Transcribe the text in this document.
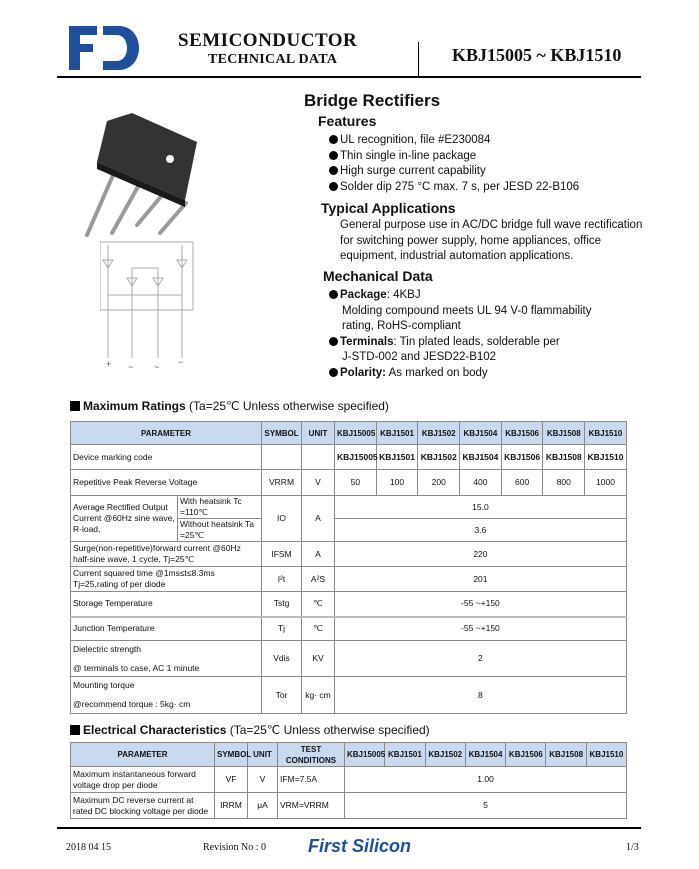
SEMICONDUCTOR
TECHNICAL DATA	KBJ15005 ~ KBJ1510
+ ~ ~ −
Bridge Rectifiers
Features
UL recognition, file #E230084
Thin single in-line package
High surge current capability
Solder dip 275 °C max. 7 s, per JESD 22-B106
Typical Applications
General purpose use in AC/DC bridge full wave rectification
for switching power supply, home appliances, office
equipment, industrial automation applications.
Mechanical Data
Package: 4KBJ
Molding compound meets UL 94 V-0 flammability
rating, RoHS-compliant
Terminals: Tin plated leads, solderable per
J-STD-002 and JESD22-B102
Polarity: As marked on body
Maximum Ratings (Ta=25℃ Unless otherwise specified)
PARAMETER		SYMBOL	UNIT	KBJ15005	KBJ1501	KBJ1502	KBJ1504	KBJ1506	KBJ1508	KBJ1510
Device marking code				KBJ15005	KBJ1501	KBJ1502	KBJ1504	KBJ1506	KBJ1508	KBJ1510
Repetitive Peak Reverse Voltage		VRRM	V	50	100	200	400	600	800	1000
Average Rectified Output Current @60Hz sine wave, R-load,	With heatsink Tc =110℃	IO	A	15.0						
	Without heatsink Ta =25℃			3.6						
Surge(non-repetitive)forward current @60Hz half-sine wave, 1 cycle, Tj=25℃		IFSM	A	220						
Current squared time @1ms≤t≤8.3ms Tj=25,rating of per diode		I²t	A²S	201						
Storage Temperature		Tstg	℃	-55 ~+150						
Junction Temperature		Tj	℃	-55 ~+150						

Dielectric strength
@ terminals to case, AC 1 minute		Vdis	KV	2						

Mounting torque
@recommend torque : 5kg· cm		Tor	kg· cm	8						
Electrical Characteristics (Ta=25℃ Unless otherwise specified)
PARAMETER	SYMBOL	UNIT	TEST CONDITIONS	KBJ15005	KBJ1501	KBJ1502	KBJ1504	KBJ1506	KBJ1508	KBJ1510
Maximum instantaneous forward voltage drop per diode	VF	V	IFM=7.5A	1.00						
Maximum DC reverse current at rated DC blocking voltage per diode	IRRM	μA	VRM=VRRM	5						
2018 04 15	Revision No : 0 First Silicon	1/3
